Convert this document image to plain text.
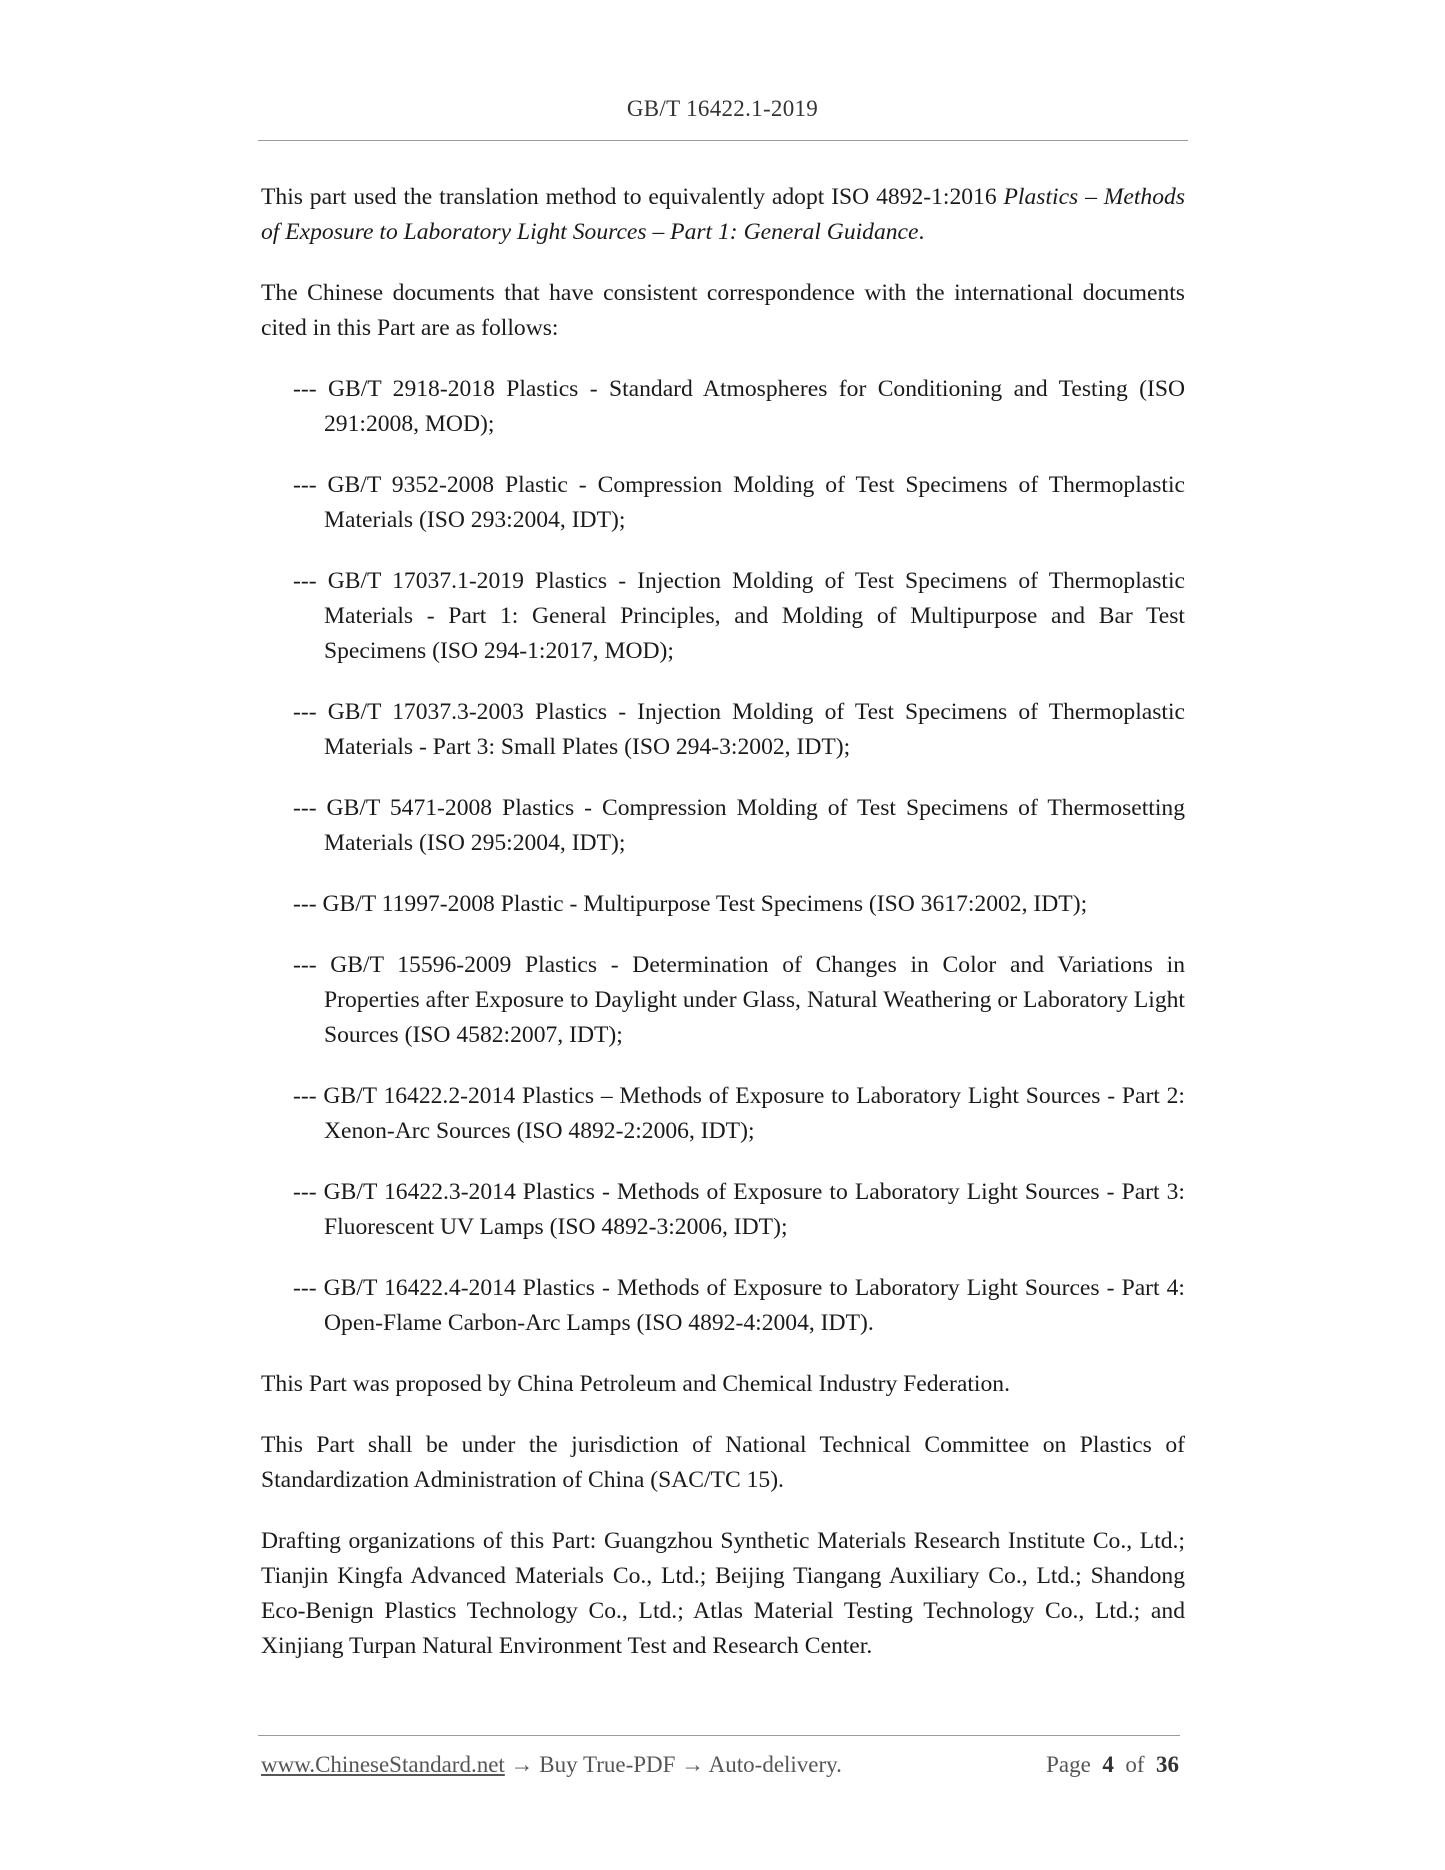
GB/T 16422.1-2019

This part used the translation method to equivalently adopt ISO 4892-1:2016 Plastics – Methods of Exposure to Laboratory Light Sources – Part 1: General Guidance.

The Chinese documents that have consistent correspondence with the international documents cited in this Part are as follows:

--- GB/T 2918-2018 Plastics - Standard Atmospheres for Conditioning and Testing (ISO 291:2008, MOD);

--- GB/T 9352-2008 Plastic - Compression Molding of Test Specimens of Thermoplastic Materials (ISO 293:2004, IDT);

--- GB/T 17037.1-2019 Plastics - Injection Molding of Test Specimens of Thermoplastic Materials - Part 1: General Principles, and Molding of Multipurpose and Bar Test Specimens (ISO 294-1:2017, MOD);

--- GB/T 17037.3-2003 Plastics - Injection Molding of Test Specimens of Thermoplastic Materials - Part 3: Small Plates (ISO 294-3:2002, IDT);

--- GB/T 5471-2008 Plastics - Compression Molding of Test Specimens of Thermosetting Materials (ISO 295:2004, IDT);

--- GB/T 11997-2008 Plastic - Multipurpose Test Specimens (ISO 3617:2002, IDT);

--- GB/T 15596-2009 Plastics - Determination of Changes in Color and Variations in Properties after Exposure to Daylight under Glass, Natural Weathering or Laboratory Light Sources (ISO 4582:2007, IDT);

--- GB/T 16422.2-2014 Plastics – Methods of Exposure to Laboratory Light Sources - Part 2: Xenon-Arc Sources (ISO 4892-2:2006, IDT);

--- GB/T 16422.3-2014 Plastics - Methods of Exposure to Laboratory Light Sources - Part 3: Fluorescent UV Lamps (ISO 4892-3:2006, IDT);

--- GB/T 16422.4-2014 Plastics - Methods of Exposure to Laboratory Light Sources - Part 4: Open-Flame Carbon-Arc Lamps (ISO 4892-4:2004, IDT).

This Part was proposed by China Petroleum and Chemical Industry Federation.

This Part shall be under the jurisdiction of National Technical Committee on Plastics of Standardization Administration of China (SAC/TC 15).

Drafting organizations of this Part: Guangzhou Synthetic Materials Research Institute Co., Ltd.; Tianjin Kingfa Advanced Materials Co., Ltd.; Beijing Tiangang Auxiliary Co., Ltd.; Shandong Eco-Benign Plastics Technology Co., Ltd.; Atlas Material Testing Technology Co., Ltd.; and Xinjiang Turpan Natural Environment Test and Research Center.

www.ChineseStandard.net → Buy True-PDF → Auto-delivery.	Page 4 of 36
